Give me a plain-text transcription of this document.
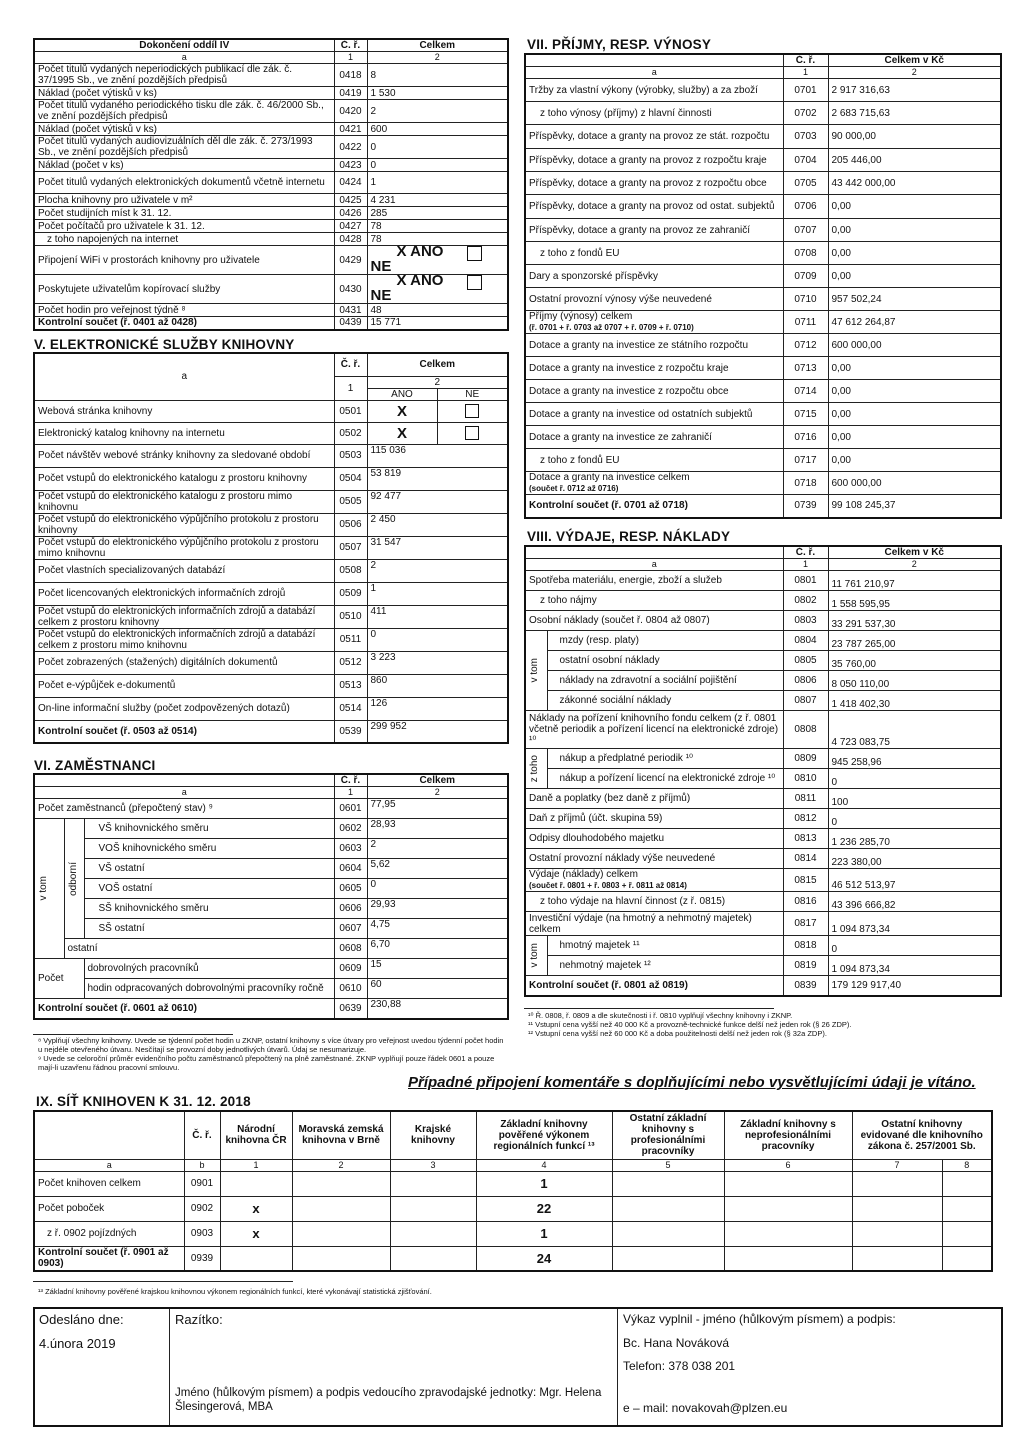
Dokončení oddíl IV	Č. ř.	Celkem
a	1	2
Počet titulů vydaných neperiodických publikací dle zák. č. 37/1995 Sb., ve znění pozdějších předpisů	0418	8
Náklad (počet výtisků v ks)	0419	1 530
Počet titulů vydaného periodického tisku dle zák. č. 46/2000 Sb., ve znění pozdějších předpisů	0420	2
Náklad (počet výtisků v ks)	0421	600
Počet titulů vydaných audiovizuálních děl dle zák. č. 273/1993 Sb., ve znění pozdějších předpisů	0422	0
Náklad (počet v ks)	0423	0
Počet titulů vydaných elektronických dokumentů včetně internetu	0424	1
Plocha knihovny pro uživatele v m²	0425	4 231
Počet studijních míst k 31. 12.	0426	285
Počet počítačů pro uživatele k 31. 12.	0427	78
z toho napojených na internet	0428	78
Připojení WiFi v prostorách knihovny pro uživatele	0429	X ANO NE
Poskytujete uživatelům kopírovací služby	0430	X ANO NE
Počet hodin pro veřejnost týdně ⁸	0431	48
Kontrolní součet (ř. 0401 až 0428)	0439	15 771
V. ELEKTRONICKÉ SLUŽBY KNIHOVNY
a	Č. ř.	Celkem	
	1	2	
		ANO	NE
Webová stránka knihovny	0501	X	
Elektronický katalog knihovny na internetu	0502	X	
Počet návštěv webové stránky knihovny za sledované období	0503	115 036	
Počet vstupů do elektronického katalogu z prostoru knihovny	0504	53 819	
Počet vstupů do elektronického katalogu z prostoru mimo knihovnu	0505	92 477	
Počet vstupů do elektronického výpůjčního protokolu z prostoru knihovny	0506	2 450	
Počet vstupů do elektronického výpůjčního protokolu z prostoru mimo knihovnu	0507	31 547	
Počet vlastních specializovaných databází	0508	2	
Počet licencovaných elektronických informačních zdrojů	0509	1	
Počet vstupů do elektronických informačních zdrojů a databází celkem z prostoru knihovny	0510	411	
Počet vstupů do elektronických informačních zdrojů a databází celkem z prostoru mimo knihovnu	0511	0	
Počet zobrazených (stažených) digitálních dokumentů	0512	3 223	
Počet e-výpůjček e-dokumentů	0513	860	
On-line informační služby (počet zodpovězených dotazů)	0514	126	
Kontrolní součet (ř. 0503 až 0514)	0539	299 952	
VI. ZAMĚSTNANCI
			Č. ř.	Celkem
a			1	2
Počet zaměstnanců (přepočtený stav) ⁹			0601	77,95

v tom	odborní	VŠ knihovnického směru	0602	28,93
		VOŠ knihovnického směru	0603	2
		VŠ ostatní	0604	5,62
		VOŠ ostatní	0605	0
		SŠ knihovnického směru	0606	29,93
		SŠ ostatní	0607	4,75
	ostatní		0608	6,70
Počet		dobrovolných pracovníků	0609	15
		hodin odpracovaných dobrovolnými pracovníky ročně	0610	60
Kontrolní součet (ř. 0601 až 0610)			0639	230,88
⁸ Vyplňují všechny knihovny. Uvede se týdenní počet hodin u ZKNP, ostatní knihovny s více útvary pro veřejnost uvedou týdenní počet hodin u nejdéle otevřeného útvaru. Nesčítají se provozní doby jednotlivých útvarů. Údaj se nesumarizuje.
⁹ Uvede se celoroční průměr evidenčního počtu zaměstnanců přepočtený na plně zaměstnané. ZKNP vyplňují pouze řádek 0601 a pouze mají-li uzavřenu řádnou pracovní smlouvu.
VII. PŘÍJMY, RESP. VÝNOSY
	Č. ř.	Celkem v Kč
a	1	2
Tržby za vlastní výkony (výrobky, služby) a za zboží	0701	2 917 316,63
z toho výnosy (příjmy) z hlavní činnosti	0702	2 683 715,63
Příspěvky, dotace a granty na provoz ze stát. rozpočtu	0703	90 000,00
Příspěvky, dotace a granty na provoz z rozpočtu kraje	0704	205 446,00
Příspěvky, dotace a granty na provoz z rozpočtu obce	0705	43 442 000,00
Příspěvky, dotace a granty na provoz od ostat. subjektů	0706	0,00
Příspěvky, dotace a granty na provoz ze zahraničí	0707	0,00
z toho z fondů EU	0708	0,00
Dary a sponzorské příspěvky	0709	0,00
Ostatní provozní výnosy výše neuvedené	0710	957 502,24

Příjmy (výnosy) celkem
(ř. 0701 + ř. 0703 až 0707 + ř. 0709 + ř. 0710)	0711	47 612 264,87
Dotace a granty na investice ze státního rozpočtu	0712	600 000,00
Dotace a granty na investice z rozpočtu kraje	0713	0,00
Dotace a granty na investice z rozpočtu obce	0714	0,00
Dotace a granty na investice od ostatních subjektů	0715	0,00
Dotace a granty na investice ze zahraničí	0716	0,00
z toho z fondů EU	0717	0,00

Dotace a granty na investice celkem
(součet ř. 0712 až 0716)	0718	600 000,00
Kontrolní součet (ř. 0701 až 0718)	0739	99 108 245,37
VIII. VÝDAJE, RESP. NÁKLADY
		Č. ř.	Celkem v Kč
a		1	2
Spotřeba materiálu, energie, zboží a služeb		0801	11 761 210,97
z toho nájmy		0802	1 558 595,95
Osobní náklady (součet ř. 0804 až 0807)		0803	33 291 537,30

v tom	mzdy (resp. platy)	0804	23 787 265,00
	ostatní osobní náklady	0805	35 760,00
	náklady na zdravotní a sociální pojištění	0806	8 050 110,00
	zákonné sociální náklady	0807	1 418 402,30
Náklady na pořízení knihovního fondu celkem (z ř. 0801 včetně periodik a pořízení licencí na elektronické zdroje) ¹⁰		0808	4 723 083,75

z toho	nákup a předplatné periodik ¹⁰	0809	945 258,96
	nákup a pořízení licencí na elektronické zdroje ¹⁰	0810	0
Daně a poplatky (bez daně z příjmů)		0811	100
Daň z příjmů (účt. skupina 59)		0812	0
Odpisy dlouhodobého majetku		0813	1 236 285,70
Ostatní provozní náklady výše neuvedené		0814	223 380,00

Výdaje (náklady) celkem
(součet ř. 0801 + ř. 0803 + ř. 0811 až 0814)		0815	46 512 513,97
z toho výdaje na hlavní činnost (z ř. 0815)		0816	43 396 666,82
Investiční výdaje (na hmotný a nehmotný majetek) celkem		0817	1 094 873,34

v tom	hmotný majetek ¹¹	0818	0
	nehmotný majetek ¹²	0819	1 094 873,34
Kontrolní součet (ř. 0801 až 0819)		0839	179 129 917,40
¹⁰ Ř. 0808, ř. 0809 a dle skutečnosti i ř. 0810 vyplňují všechny knihovny i ZKNP.
¹¹ Vstupní cena vyšší než 40 000 Kč a provozně-technické funkce delší než jeden rok (§ 26 ZDP).
¹² Vstupní cena vyšší než 60 000 Kč a doba použitelnosti delší než jeden rok (§ 32a ZDP).
Případné připojení komentáře s doplňujícími nebo vysvětlujícími údaji je vítáno.
IX. SÍŤ KNIHOVEN K 31. 12. 2018
	Č. ř.	Národní knihovna ČR	Moravská zemská knihovna v Brně	Krajské knihovny	Základní knihovny pověřené výkonem regionálních funkcí ¹³	Ostatní základní knihovny s profesionálními pracovníky	Základní knihovny s neprofesionálními pracovníky	Ostatní knihovny evidované dle knihovního zákona č. 257/2001 Sb.	
a	b	1	2	3	4	5	6	7	8
Počet knihoven celkem	0901				1				
Počet poboček	0902	x			22				
z ř. 0902 pojízdných	0903	x			1				
Kontrolní součet (ř. 0901 až 0903)	0939				24				
¹³ Základní knihovny pověřené krajskou knihovnou výkonem regionálních funkcí, které vykonávají statistická zjišťování.
Odesláno dne:
4.února 2019
Razítko:
Jméno (hůlkovým písmem) a podpis vedoucího zpravodajské jednotky: Mgr. Helena Šlesingerová, MBA
Výkaz vyplnil - jméno (hůlkovým písmem) a podpis:
Bc. Hana Nováková
Telefon: 378 038 201
e – mail: novakovah@plzen.eu
